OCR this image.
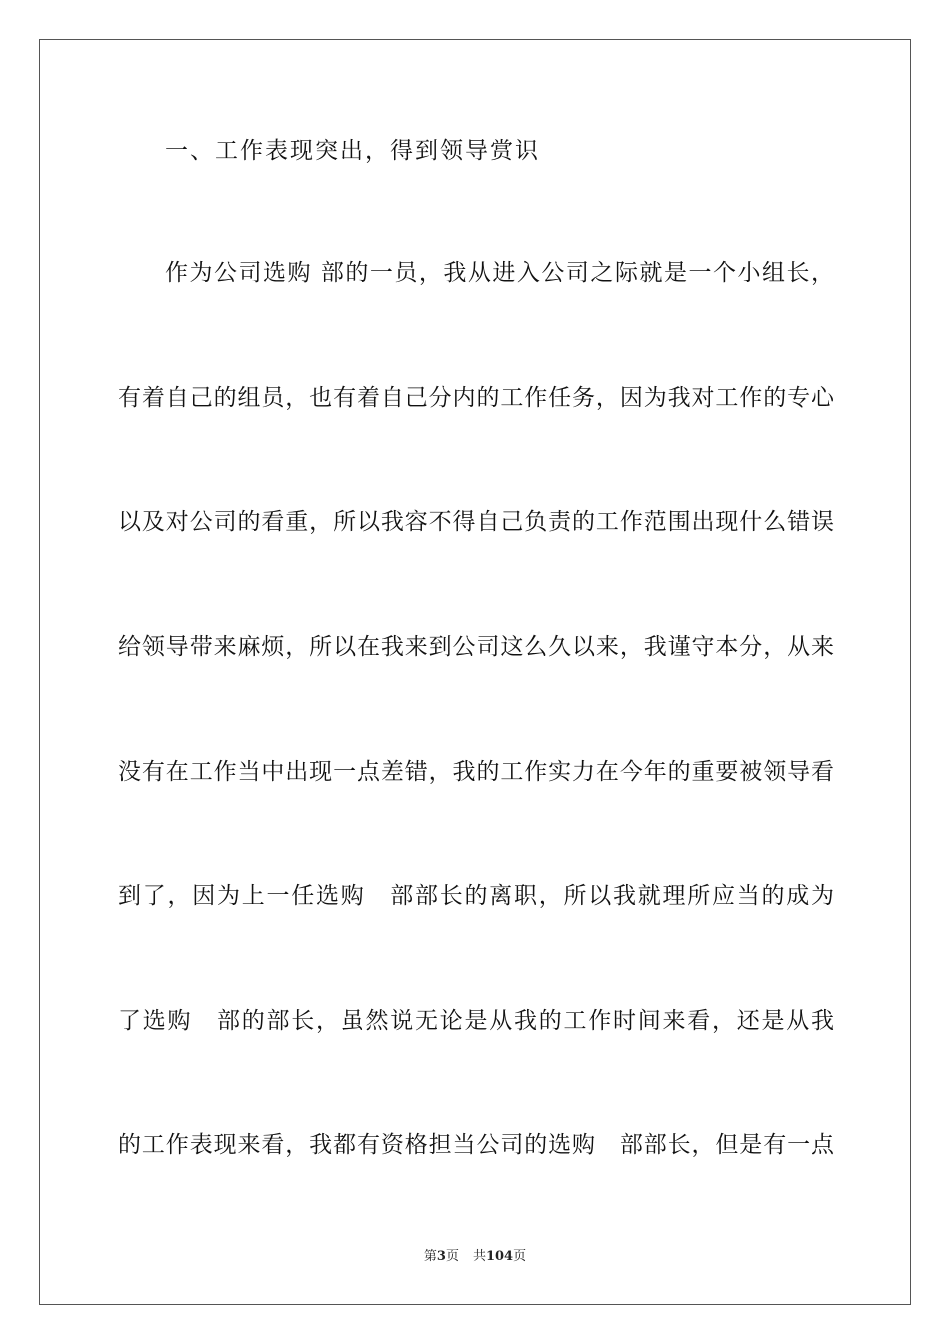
一、工作表现突出，得到领导赏识
作为公司选购 部的一员，我从进入公司之际就是一个小组长，
有着自己的组员，也有着自己分内的工作任务，因为我对工作的专心
以及对公司的看重，所以我容不得自己负责的工作范围出现什么错误
给领导带来麻烦，所以在我来到公司这么久以来，我谨守本分，从来
没有在工作当中出现一点差错，我的工作实力在今年的重要被领导看
到了，因为上一任选购　部部长的离职，所以我就理所应当的成为
了选购　部的部长，虽然说无论是从我的工作时间来看，还是从我
的工作表现来看，我都有资格担当公司的选购　部部长，但是有一点
第3页 共104页
